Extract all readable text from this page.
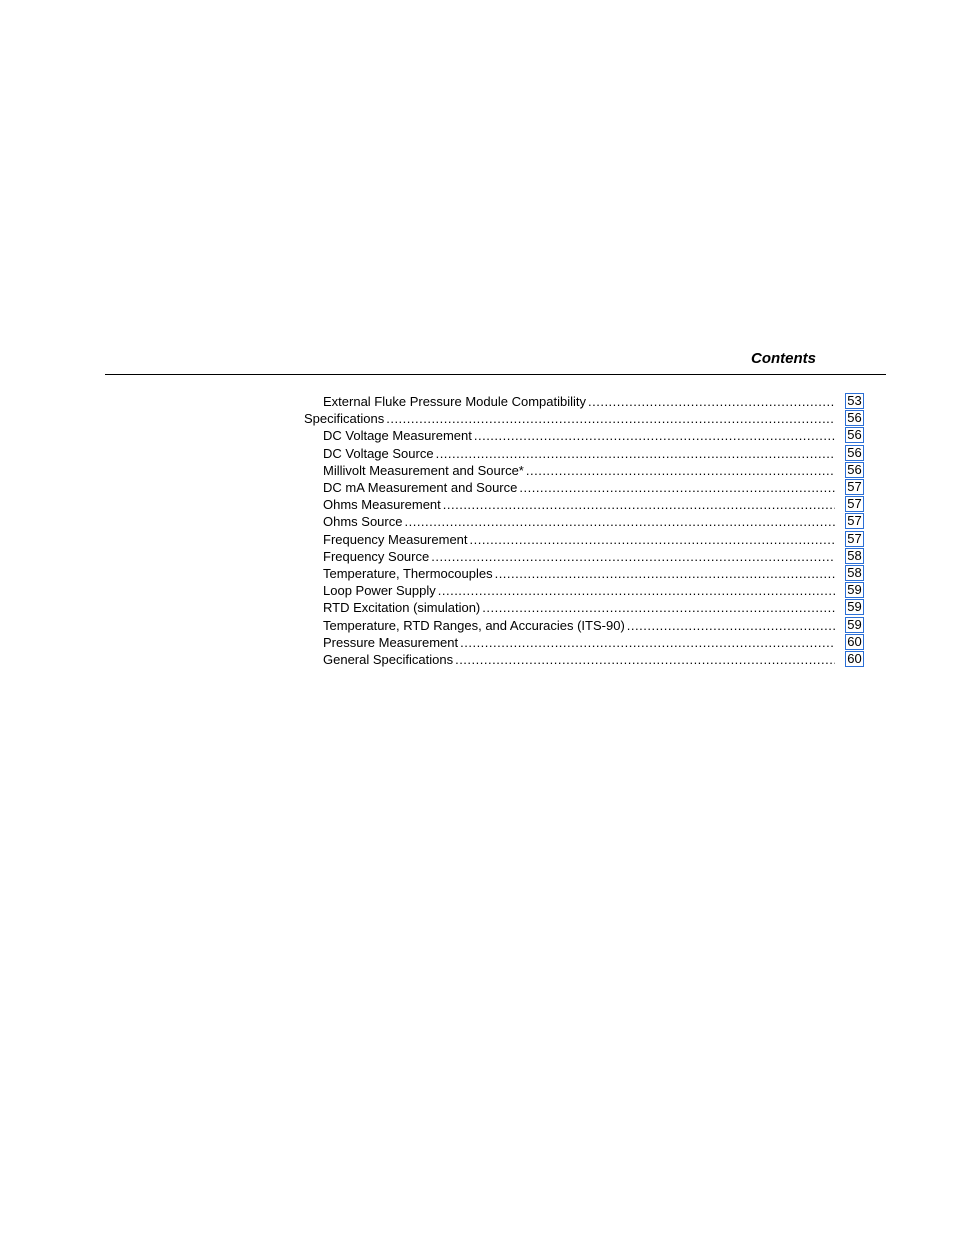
Contents
External Fluke Pressure Module Compatibility .....	53
Specifications .....	56
DC Voltage Measurement .....	56
DC Voltage Source .....	56
Millivolt Measurement and Source* .....	56
DC mA Measurement and Source .....	57
Ohms Measurement .....	57
Ohms Source .....	57
Frequency Measurement .....	57
Frequency Source .....	58
Temperature, Thermocouples .....	58
Loop Power Supply .....	59
RTD Excitation (simulation) .....	59
Temperature, RTD Ranges, and Accuracies (ITS-90) .....	59
Pressure Measurement .....	60
General Specifications .....	60
